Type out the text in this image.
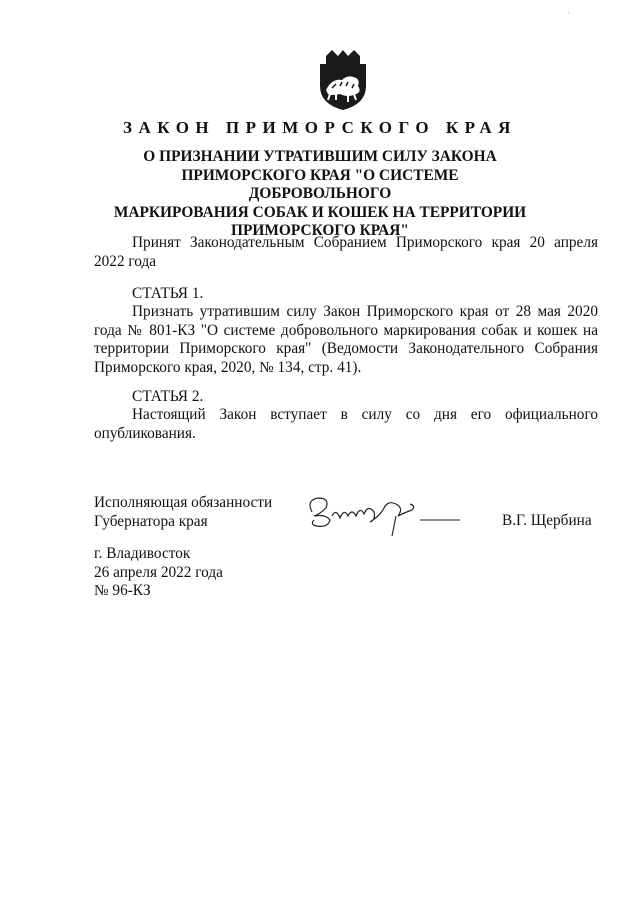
'
ЗАКОН ПРИМОРСКОГО КРАЯ
О ПРИЗНАНИИ УТРАТИВШИМ СИЛУ ЗАКОНА
ПРИМОРСКОГО КРАЯ "О СИСТЕМЕ ДОБРОВОЛЬНОГО
МАРКИРОВАНИЯ СОБАК И КОШЕК НА ТЕРРИТОРИИ
ПРИМОРСКОГО КРАЯ"
Принят Законодательным Собранием Приморского края 20 апреля 2022 года
СТАТЬЯ 1.
Признать утратившим силу Закон Приморского края от 28 мая 2020 года № 801-КЗ "О системе добровольного маркирования собак и кошек на территории Приморского края" (Ведомости Законодательного Собрания Приморского края, 2020, № 134, стр. 41).
СТАТЬЯ 2.
Настоящий Закон вступает в силу со дня его официального опубликования.
Исполняющая обязанности
Губернатора края	В.Г. Щербина
г. Владивосток
26 апреля 2022 года
№ 96-КЗ
